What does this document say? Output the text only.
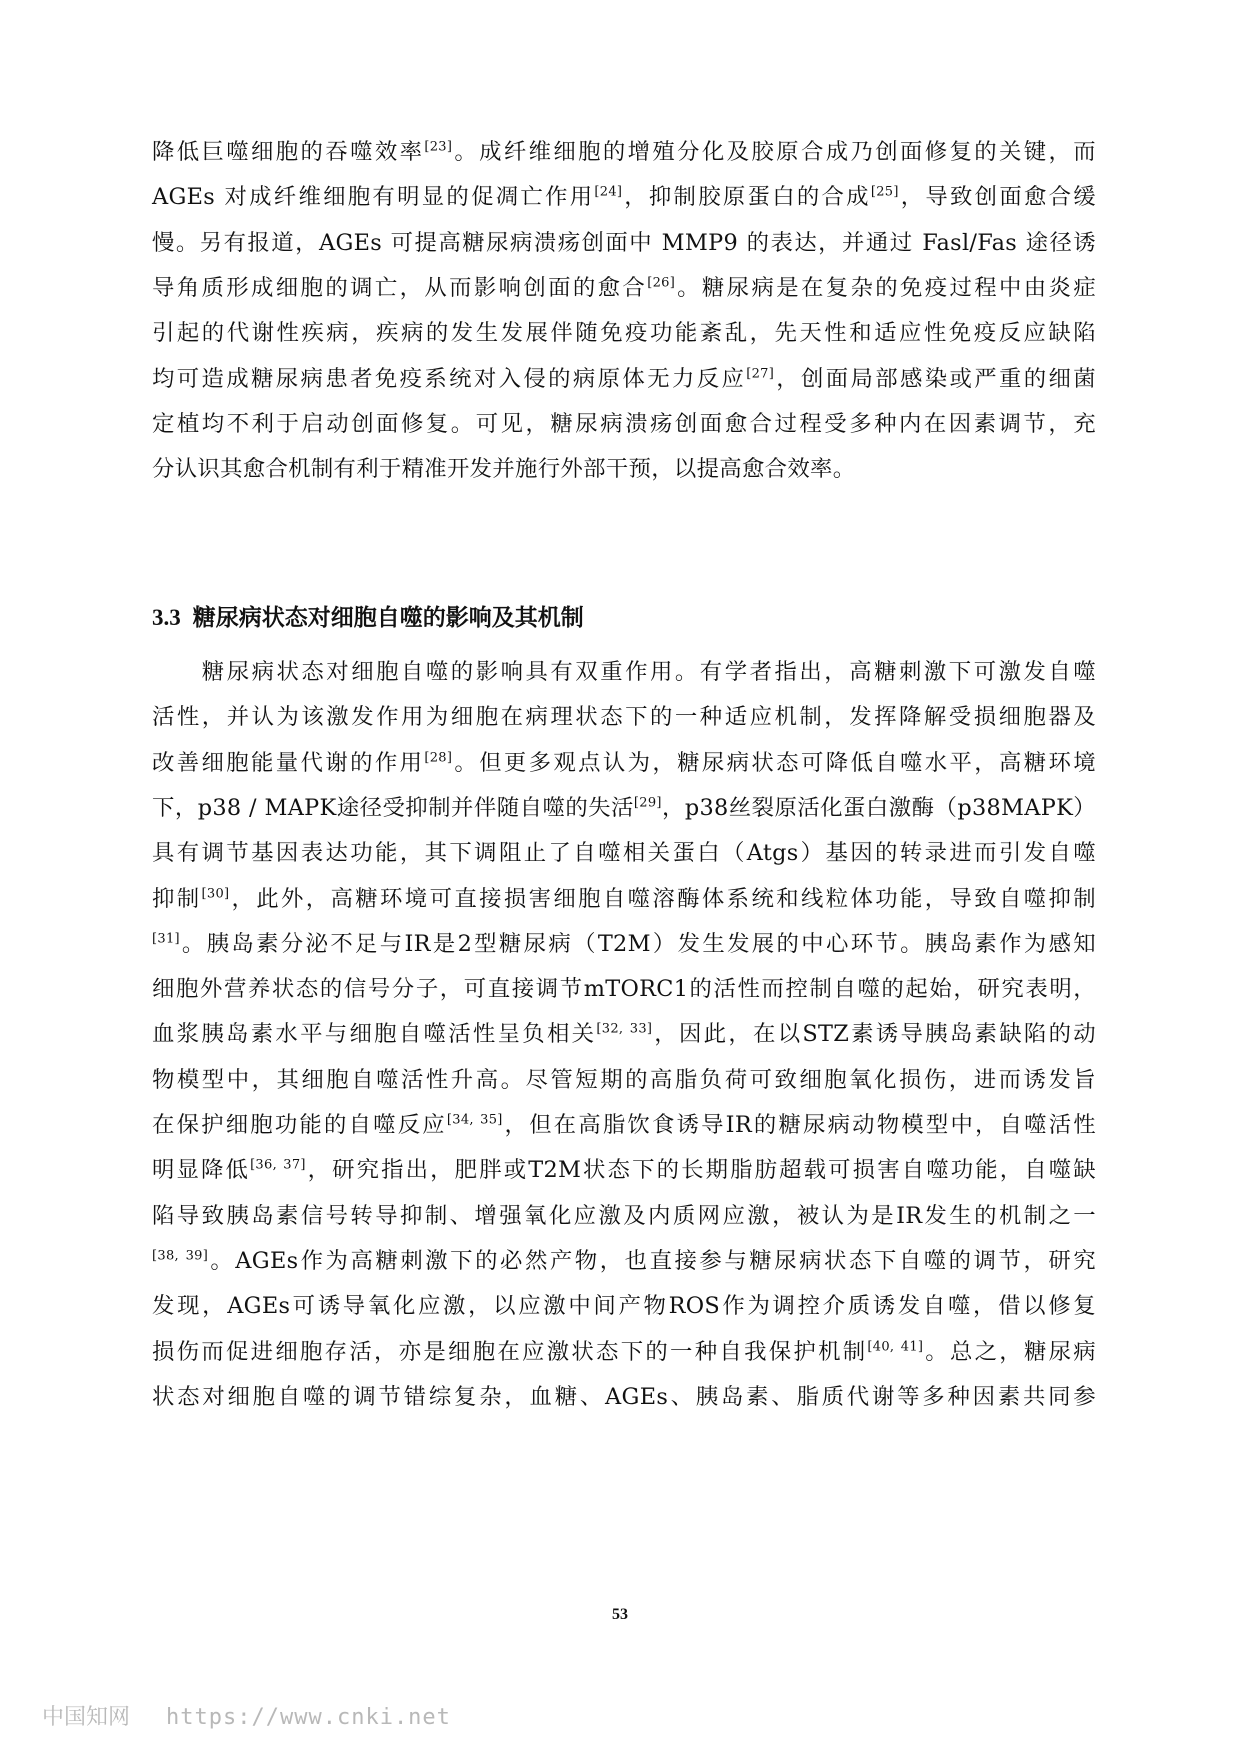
降低巨噬细胞的吞噬效率[23]。成纤维细胞的增殖分化及胶原合成乃创面修复的关键，而
AGEs 对成纤维细胞有明显的促凋亡作用[24]，抑制胶原蛋白的合成[25]，导致创面愈合缓
慢。另有报道，AGEs 可提高糖尿病溃疡创面中 MMP9 的表达，并通过 Fasl/Fas 途径诱
导角质形成细胞的调亡，从而影响创面的愈合[26]。糖尿病是在复杂的免疫过程中由炎症
引起的代谢性疾病，疾病的发生发展伴随免疫功能紊乱，先天性和适应性免疫反应缺陷
均可造成糖尿病患者免疫系统对入侵的病原体无力反应[27]，创面局部感染或严重的细菌
定植均不利于启动创面修复。可见，糖尿病溃疡创面愈合过程受多种内在因素调节，充
分认识其愈合机制有利于精准开发并施行外部干预，以提高愈合效率。
　　糖尿病状态对细胞自噬的影响具有双重作用。有学者指出，高糖刺激下可激发自噬
活性，并认为该激发作用为细胞在病理状态下的一种适应机制，发挥降解受损细胞器及
改善细胞能量代谢的作用[28]。但更多观点认为，糖尿病状态可降低自噬水平，高糖环境
下，p38 / MAPK途径受抑制并伴随自噬的失活[29]，p38丝裂原活化蛋白激酶（p38MAPK）
具有调节基因表达功能，其下调阻止了自噬相关蛋白（Atgs）基因的转录进而引发自噬
抑制[30]，此外，高糖环境可直接损害细胞自噬溶酶体系统和线粒体功能，导致自噬抑制
[31]。胰岛素分泌不足与IR是2型糖尿病（T2M）发生发展的中心环节。胰岛素作为感知
细胞外营养状态的信号分子，可直接调节mTORC1的活性而控制自噬的起始，研究表明，
血浆胰岛素水平与细胞自噬活性呈负相关[32, 33]，因此，在以STZ素诱导胰岛素缺陷的动
物模型中，其细胞自噬活性升高。尽管短期的高脂负荷可致细胞氧化损伤，进而诱发旨
在保护细胞功能的自噬反应[34, 35]，但在高脂饮食诱导IR的糖尿病动物模型中，自噬活性
明显降低[36, 37]，研究指出，肥胖或T2M状态下的长期脂肪超载可损害自噬功能，自噬缺
陷导致胰岛素信号转导抑制、增强氧化应激及内质网应激，被认为是IR发生的机制之一
[38, 39]。AGEs作为高糖刺激下的必然产物，也直接参与糖尿病状态下自噬的调节，研究
发现，AGEs可诱导氧化应激，以应激中间产物ROS作为调控介质诱发自噬，借以修复
损伤而促进细胞存活，亦是细胞在应激状态下的一种自我保护机制[40, 41]。总之，糖尿病
状态对细胞自噬的调节错综复杂，血糖、AGEs、胰岛素、脂质代谢等多种因素共同参
3.3 糖尿病状态对细胞自噬的影响及其机制
53
中国知网 https://www.cnki.net
